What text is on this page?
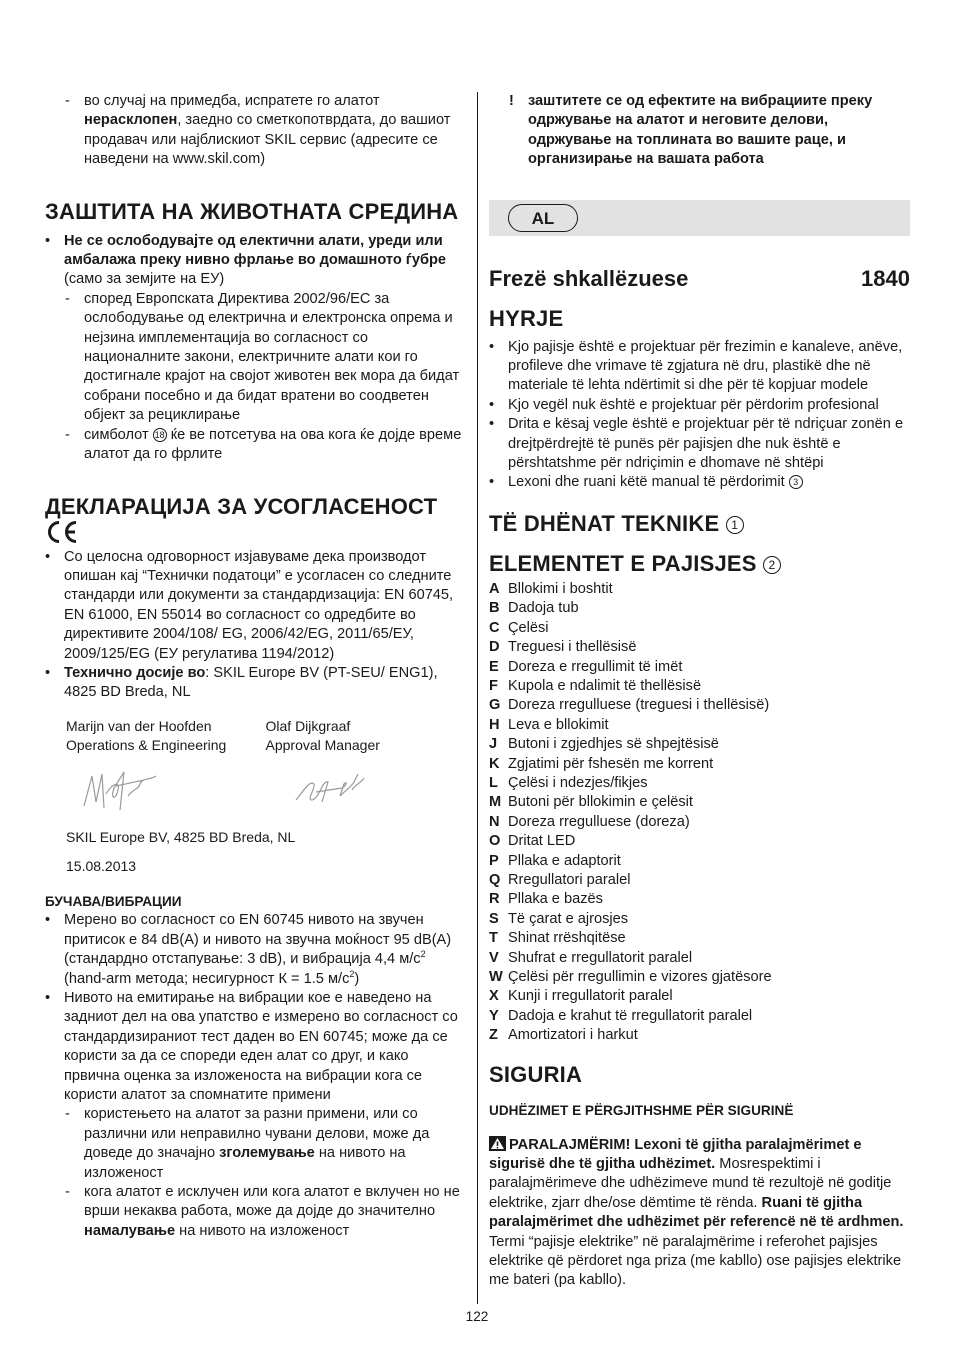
- во случај на примедба, испратете го алатот нерасклопен, заедно со сметкопотврдата, до вашиот продавач или најблискиот SKIL сервис (адресите се наведени на www.skil.com)

ЗАШТИТА НА ЖИВОТНАТА СРЕДИНА

• Не се ослободувајте од електични алати, уреди или амбалажа преку нивно фрлање во домашното ѓубре (само за земјите на ЕУ)

- според Европската Директива 2002/96/ЕС за ослободување од електрична и електронска опрема и нејзина имплементација во согласност со националните закони, електричните алати кои го достигнале крајот на својот животен век мора да бидат собрани посебно и да бидат вратени во соодветен објект за рециклирање

- симболот 18 ќе ве потсетува на ова кога ќе дојде време алатот да го фрлите

ДЕКЛАРАЦИЈА ЗА УСОГЛАСЕНОСТ

• Со целосна одговорност изјавуваме дека производот опишан кај “Технички податоци” е усогласен со следните стандарди или документи за стандардизација: EN 60745, EN 61000, EN 55014 во согласност со одредбите во директивите 2004/108/ EG, 2006/42/EG, 2011/65/ЕУ, 2009/125/EG (ЕУ регулатива 1194/2012)

• Технично досије во: SKIL Europe BV (PT-SEU/ ENG1), 4825 BD Breda, NL

Marijn van der Hoofden
Operations & Engineering
Olaf Dijkgraaf
Approval Manager

SKIL Europe BV, 4825 BD Breda, NL

15.08.2013

БУЧАВА/ВИБРАЦИИ

• Мерено во согласност со EN 60745 нивото на звучен притисок е 84 dB(A) и нивото на звучна моќност 95 dB(A) (стандардно отстапување: 3 dB), и вибрација 4,4 $м/с^2$ (hand-arm метода; несигурност К = 1.5 $м/с^2$)

• Нивото на емитирање на вибрации кое е наведено на задниот дел на ова упатство е измерено во согласност со стандардизираниот тест даден во EN 60745; може да се користи за да се спореди еден алат со друг, и како првична оценка за изложеноста на вибрации кога се користи алатот за спомнатите примени

- користењето на алатот за разни примени, или со различни или неправилно чувани делови, може да доведе до значајно зголемување на нивото на изложеност

- кога алатот е исклучен или кога алатот е вклучен но не врши некаква работа, може да дојде до значително намалување на нивото на изложеност

! заштитете се од ефектите на вибрациите преку одржување на алатот и неговите делови, одржување на топлината во вашите раце, и организирање на вашата работа

AL
Frezë shkallëzuese	1840
HYRJE

• Kjo pajisje është e projektuar për frezimin e kanaleve, anëve, profileve dhe vrimave të zgjatura në dru, plastikë dhe në materiale të lehta ndërtimit si dhe për të kopjuar modele

• Kjo vegël nuk është e projektuar për përdorim profesional

• Drita e kësaj vegle është e projektuar për të ndriçuar zonën e drejtpërdrejtë të punës për pajisjen dhe nuk është e përshtatshme për ndriçimin e dhomave në shtëpi

• Lexoni dhe ruani këtë manual të përdorimit 3

TË DHËNAT TEKNIKE 1
ELEMENTET E PAJISJES 2
A Bllokimi i boshtit
B Dadoja tub
C Çelësi
D Treguesi i thellësisë
E Doreza e rregullimit të imët
F Kupola e ndalimit të thellësisë
G Doreza rregulluese (treguesi i thellësisë)
H Leva e bllokimit
J Butoni i zgjedhjes së shpejtësisë
K Zgjatimi për fshesën me korrent
L Çelësi i ndezjes/fikjes
M Butoni për bllokimin e çelësit
N Doreza rregulluese (doreza)
O Dritat LED
P Pllaka e adaptorit
Q Rregullatori paralel
R Pllaka e bazës
S Të çarat e ajrosjes
T Shinat rrëshqitëse
V Shufrat e rregullatorit paralel
W Çelësi për rregullimin e vizores gjatësore
X Kunji i rregullatorit paralel
Y Dadoja e krahut të rregullatorit paralel
Z Amortizatori i harkut
SIGURIA
UDHËZIMET E PËRGJITHSHME PËR SIGURINË

PARALAJMËRIM! Lexoni të gjitha paralajmërimet e sigurisë dhe të gjitha udhëzimet. Mosrespektimi i paralajmërimeve dhe udhëzimeve mund të rezultojë në goditje elektrike, zjarr dhe/ose dëmtime të rënda. Ruani të gjitha paralajmërimet dhe udhëzimet për referencë në të ardhmen. Termi “pajisje elektrike” në paralajmërime i referohet pajisjes elektrike që përdoret nga priza (me kabllo) ose pajisjes elektrike me bateri (pa kabllo).

122
